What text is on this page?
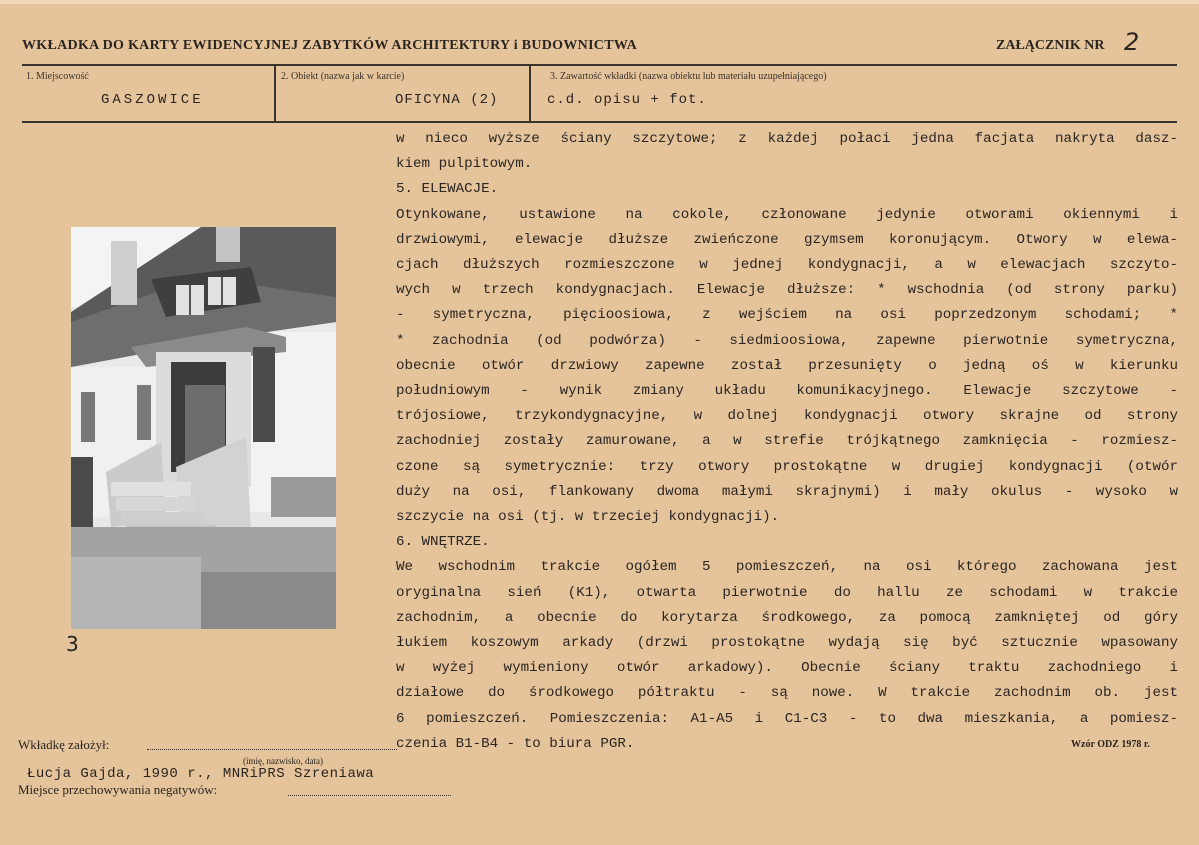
WKŁADKA DO KARTY EWIDENCYJNEJ ZABYTKÓW ARCHITEKTURY i BUDOWNICTWA	ZAŁĄCZNIK NR 2
1. Miejscowość
GASZOWICE
2. Obiekt (nazwa jak w karcie)
OFICYNA (2)
3. Zawartość wkładki (nazwa obiektu lub materiału uzupełniającego)
c.d. opisu + fot.
3

w nieco wyższe ściany szczytowe; z każdej połaci jedna facjata nakryta dasz-

kiem pulpitowym.

5. ELEWACJE.

Otynkowane, ustawione na cokole, członowane jedynie otworami okiennymi i

drzwiowymi, elewacje dłuższe zwieńczone gzymsem koronującym. Otwory w elewa-

cjach dłuższych rozmieszczone w jednej kondygnacji, a w elewacjach szczyto-

wych w trzech kondygnacjach. Elewacje dłuższe: * wschodnia (od strony parku)

- symetryczna, pięcioosiowa, z wejściem na osi poprzedzonym schodami; *

* zachodnia (od podwórza) - siedmioosiowa, zapewne pierwotnie symetryczna,

obecnie otwór drzwiowy zapewne został przesunięty o jedną oś w kierunku

południowym - wynik zmiany układu komunikacyjnego. Elewacje szczytowe -

trójosiowe, trzykondygnacyjne, w dolnej kondygnacji otwory skrajne od strony

zachodniej zostały zamurowane, a w strefie trójkątnego zamknięcia - rozmiesz-

czone są symetrycznie: trzy otwory prostokątne w drugiej kondygnacji (otwór

duży na osi, flankowany dwoma małymi skrajnymi) i mały okulus - wysoko w

szczycie na osi (tj. w trzeciej kondygnacji).

6. WNĘTRZE.

We wschodnim trakcie ogółem 5 pomieszczeń, na osi którego zachowana jest

oryginalna sień (K1), otwarta pierwotnie do hallu ze schodami w trakcie

zachodnim, a obecnie do korytarza środkowego, za pomocą zamkniętej od góry

łukiem koszowym arkady (drzwi prostokątne wydają się być sztucznie wpasowany

w wyżej wymieniony otwór arkadowy). Obecnie ściany traktu zachodniego i

działowe do środkowego półtraktu - są nowe. W trakcie zachodnim ob. jest

6 pomieszczeń. Pomieszczenia: A1-A5 i C1-C3 - to dwa mieszkania, a pomiesz-

czenia B1-B4 - to biura PGR.

Wkładkę założył:
(imię, nazwisko, data)
Łucja Gajda, 1990 r., MNRiPRS Szreniawa
Miejsce przechowywania negatywów:
Wzór ODZ 1978 r.
